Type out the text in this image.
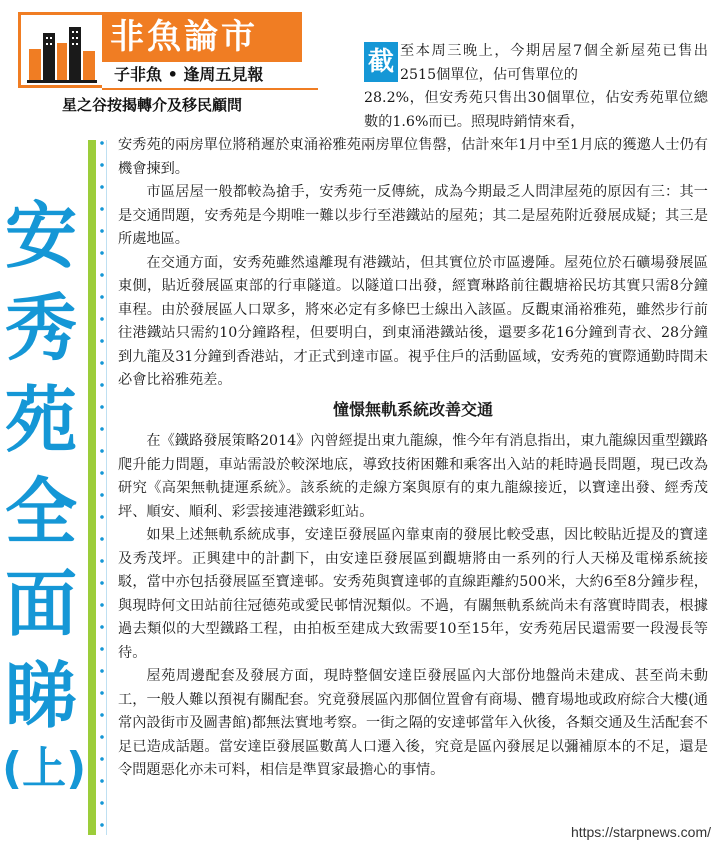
非魚論市
子非魚 • 逢周五見報
星之谷按揭轉介及移民顧問
安
秀
苑
全
面
睇
(上)
截 至本周三晚上，今期居屋7個全新屋苑已售出2515個單位，佔可售單位的
28.2%，但安秀苑只售出30個單位，佔安秀苑單位總數的1.6%而已。照現時銷情來看，

安秀苑的兩房單位將稍遲於東涌裕雅苑兩房單位售罄，估計來年1月中至1月底的獲邀人士仍有機會揀到。

市區居屋一般都較為搶手，安秀苑一反傳統，成為今期最乏人問津屋苑的原因有三：其一是交通問題，安秀苑是今期唯一難以步行至港鐵站的屋苑；其二是屋苑附近發展成疑；其三是所處地區。

在交通方面，安秀苑雖然遠離現有港鐵站，但其實位於市區邊陲。屋苑位於石礦場發展區東側，貼近發展區東部的行車隧道。以隧道口出發，經寶琳路前往觀塘裕民坊其實只需8分鐘車程。由於發展區人口眾多，將來必定有多條巴士線出入該區。反觀東涌裕雅苑，雖然步行前往港鐵站只需約10分鐘路程，但要明白，到東涌港鐵站後，還要多花16分鐘到青衣、28分鐘到九龍及31分鐘到香港站，才正式到達市區。視乎住戶的活動區域，安秀苑的實際通勤時間未必會比裕雅苑差。

憧憬無軌系統改善交通

在《鐵路發展策略2014》內曾經提出東九龍線，惟今年有消息指出，東九龍線因重型鐵路爬升能力問題，車站需設於較深地底，導致技術困難和乘客出入站的耗時過長問題，現已改為研究《高架無軌捷運系統》。該系統的走線方案與原有的東九龍線接近，以寶達出發、經秀茂坪、順安、順利、彩雲接連港鐵彩虹站。

如果上述無軌系統成事，安達臣發展區內靠東南的發展比較受惠，因比較貼近提及的寶達及秀茂坪。正興建中的計劃下，由安達臣發展區到觀塘將由一系列的行人天梯及電梯系統接駁，當中亦包括發展區至寶達邨。安秀苑與寶達邨的直線距離約500米，大約6至8分鐘步程，與現時何文田站前往冠德苑或愛民邨情況類似。不過，有關無軌系統尚未有落實時間表，根據過去類似的大型鐵路工程，由拍板至建成大致需要10至15年，安秀苑居民還需要一段漫長等待。

屋苑周邊配套及發展方面，現時整個安達臣發展區內大部份地盤尚未建成、甚至尚未動工，一般人難以預視有關配套。究竟發展區內那個位置會有商場、體育場地或政府綜合大樓(通常內設街市及圖書館)都無法實地考察。一街之隔的安達邨當年入伙後，各類交通及生活配套不足已造成話題。當安達臣發展區數萬人口遷入後，究竟是區內發展足以彌補原本的不足，還是令問題惡化亦未可料，相信是準買家最擔心的事情。

https://starpnews.com/
